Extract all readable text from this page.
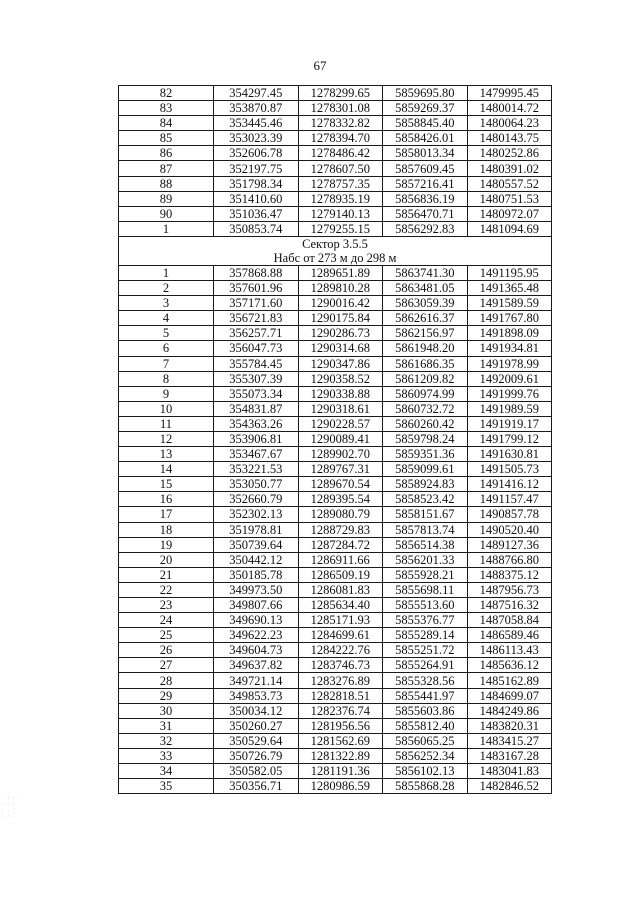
67
82	354297.45	1278299.65	5859695.80	1479995.45
83	353870.87	1278301.08	5859269.37	1480014.72
84	353445.46	1278332.82	5858845.40	1480064.23
85	353023.39	1278394.70	5858426.01	1480143.75
86	352606.78	1278486.42	5858013.34	1480252.86
87	352197.75	1278607.50	5857609.45	1480391.02
88	351798.34	1278757.35	5857216.41	1480557.52
89	351410.60	1278935.19	5856836.19	1480751.53
90	351036.47	1279140.13	5856470.71	1480972.07
1	350853.74	1279255.15	5856292.83	1481094.69

Сектор 3.5.5
Набс от 273 м до 298 м				

1	357868.88	1289651.89	5863741.30	1491195.95
2	357601.96	1289810.28	5863481.05	1491365.48
3	357171.60	1290016.42	5863059.39	1491589.59
4	356721.83	1290175.84	5862616.37	1491767.80
5	356257.71	1290286.73	5862156.97	1491898.09
6	356047.73	1290314.68	5861948.20	1491934.81
7	355784.45	1290347.86	5861686.35	1491978.99
8	355307.39	1290358.52	5861209.82	1492009.61
9	355073.34	1290338.88	5860974.99	1491999.76
10	354831.87	1290318.61	5860732.72	1491989.59
11	354363.26	1290228.57	5860260.42	1491919.17
12	353906.81	1290089.41	5859798.24	1491799.12
13	353467.67	1289902.70	5859351.36	1491630.81
14	353221.53	1289767.31	5859099.61	1491505.73
15	353050.77	1289670.54	5858924.83	1491416.12
16	352660.79	1289395.54	5858523.42	1491157.47
17	352302.13	1289080.79	5858151.67	1490857.78
18	351978.81	1288729.83	5857813.74	1490520.40
19	350739.64	1287284.72	5856514.38	1489127.36
20	350442.12	1286911.66	5856201.33	1488766.80
21	350185.78	1286509.19	5855928.21	1488375.12
22	349973.50	1286081.83	5855698.11	1487956.73
23	349807.66	1285634.40	5855513.60	1487516.32
24	349690.13	1285171.93	5855376.77	1487058.84
25	349622.23	1284699.61	5855289.14	1486589.46
26	349604.73	1284222.76	5855251.72	1486113.43
27	349637.82	1283746.73	5855264.91	1485636.12
28	349721.14	1283276.89	5855328.56	1485162.89
29	349853.73	1282818.51	5855441.97	1484699.07
30	350034.12	1282376.74	5855603.86	1484249.86
31	350260.27	1281956.56	5855812.40	1483820.31
32	350529.64	1281562.69	5856065.25	1483415.27
33	350726.79	1281322.89	5856252.34	1483167.28
34	350582.05	1281191.36	5856102.13	1483041.83
35	350356.71	1280986.59	5855868.28	1482846.52
· : · .
. · :
· . ·
: · .
